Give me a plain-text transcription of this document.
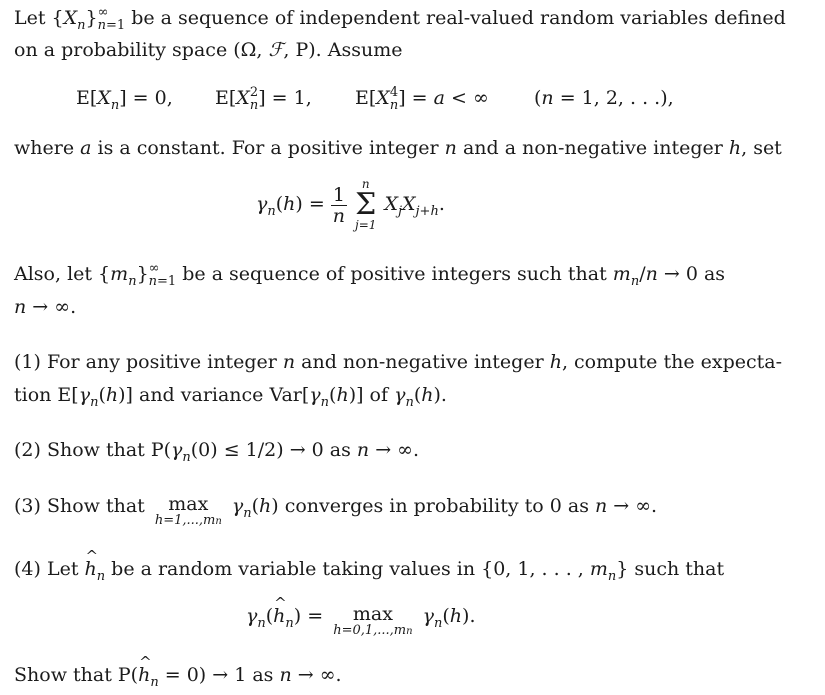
Let $\{X_n\}$ ∞
n=1 be a sequence of independent real-valued random variables defined
on a probability space (Ω, ℱ, P). Assume
$E[X_n] = 0$, E[X 2
n ] = 1, E[X 4
n ] = a < ∞ (n = 1, 2, . . .),
where a is a constant. For a positive integer n and a non-negative integer h, set
$\gamma_n(h) = \frac{1}{n}$

n
Σ
j=1
$X_jX_{j+h}$.
Also, let $\{m_n\}$ ∞
n=1 be a sequence of positive integers such that $m_n/n \to 0$ as
n → ∞.
(1) For any positive integer n and non-negative integer h, compute the expecta-
tion $E[\gamma_n(h)]$ and variance $Var[\gamma_n(h)]$ of $\gamma_n(h)$.
(2) Show that $P(\gamma_n(0) \le 1/2) \to 0$ as n → ∞.
(3) Show that max
h=1,...,mn
$\gamma_n(h)$ converges in probability to 0 as n → ∞.
(4) Let ^ $h_n$ be a random variable taking values in {0, 1, . . . , $m_n$} such that
$\gamma_n(\^{}$ $h_n) = \max$
h=0,1,...,mn
$\gamma_n(h)$.
Show that P(^ $h_n = 0) \to 1$ as n → ∞.
